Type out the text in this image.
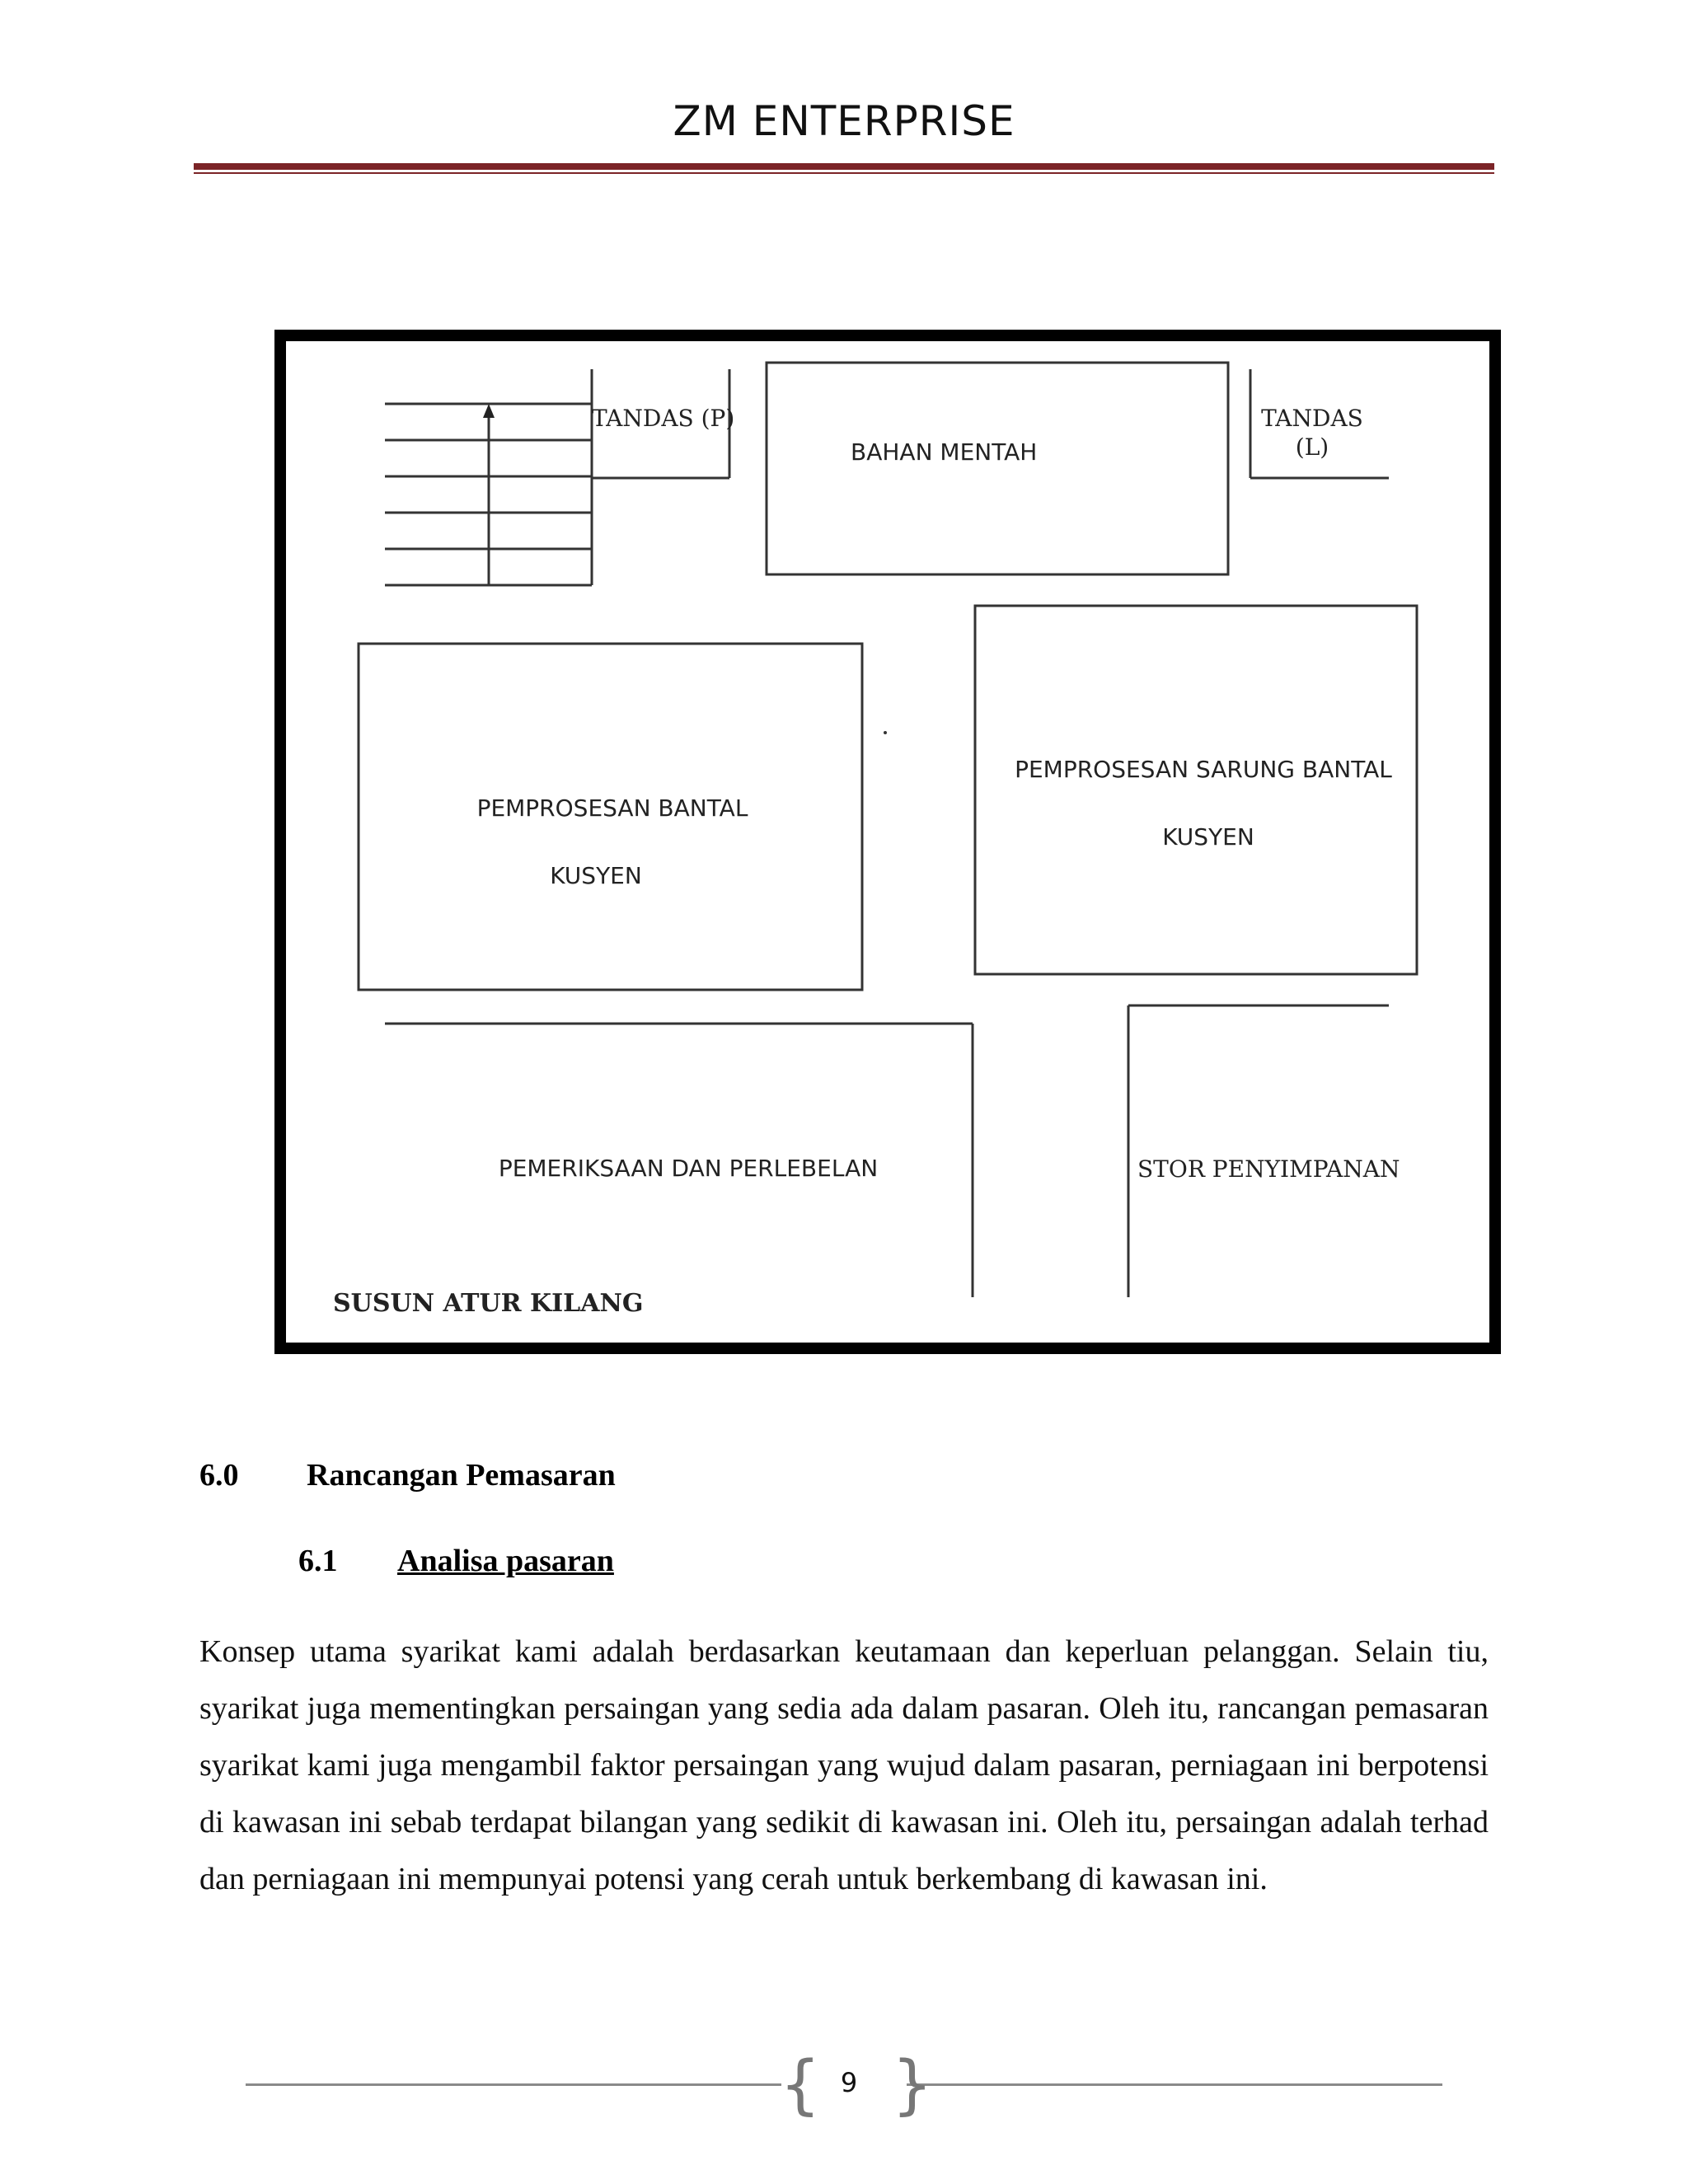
ZM ENTERPRISE
TANDAS (P)
BAHAN MENTAH
TANDAS
(L)
PEMPROSESAN BANTAL
KUSYEN
PEMPROSESAN SARUNG BANTAL
KUSYEN
PEMERIKSAAN DAN PERLEBELAN	STOR PENYIMPANAN
SUSUN ATUR KILANG
6.0 Rancangan Pemasaran
6.1 Analisa pasaran
Konsep utama syarikat kami adalah berdasarkan keutamaan dan keperluan pelanggan. Selain tiu, syarikat juga mementingkan persaingan yang sedia ada dalam pasaran. Oleh itu, rancangan pemasaran syarikat kami juga mengambil faktor persaingan yang wujud dalam pasaran, perniagaan ini berpotensi di kawasan ini sebab terdapat bilangan yang sedikit di kawasan ini. Oleh itu, persaingan adalah terhad dan perniagaan ini mempunyai potensi yang cerah untuk berkembang di kawasan ini.
{ }
9
